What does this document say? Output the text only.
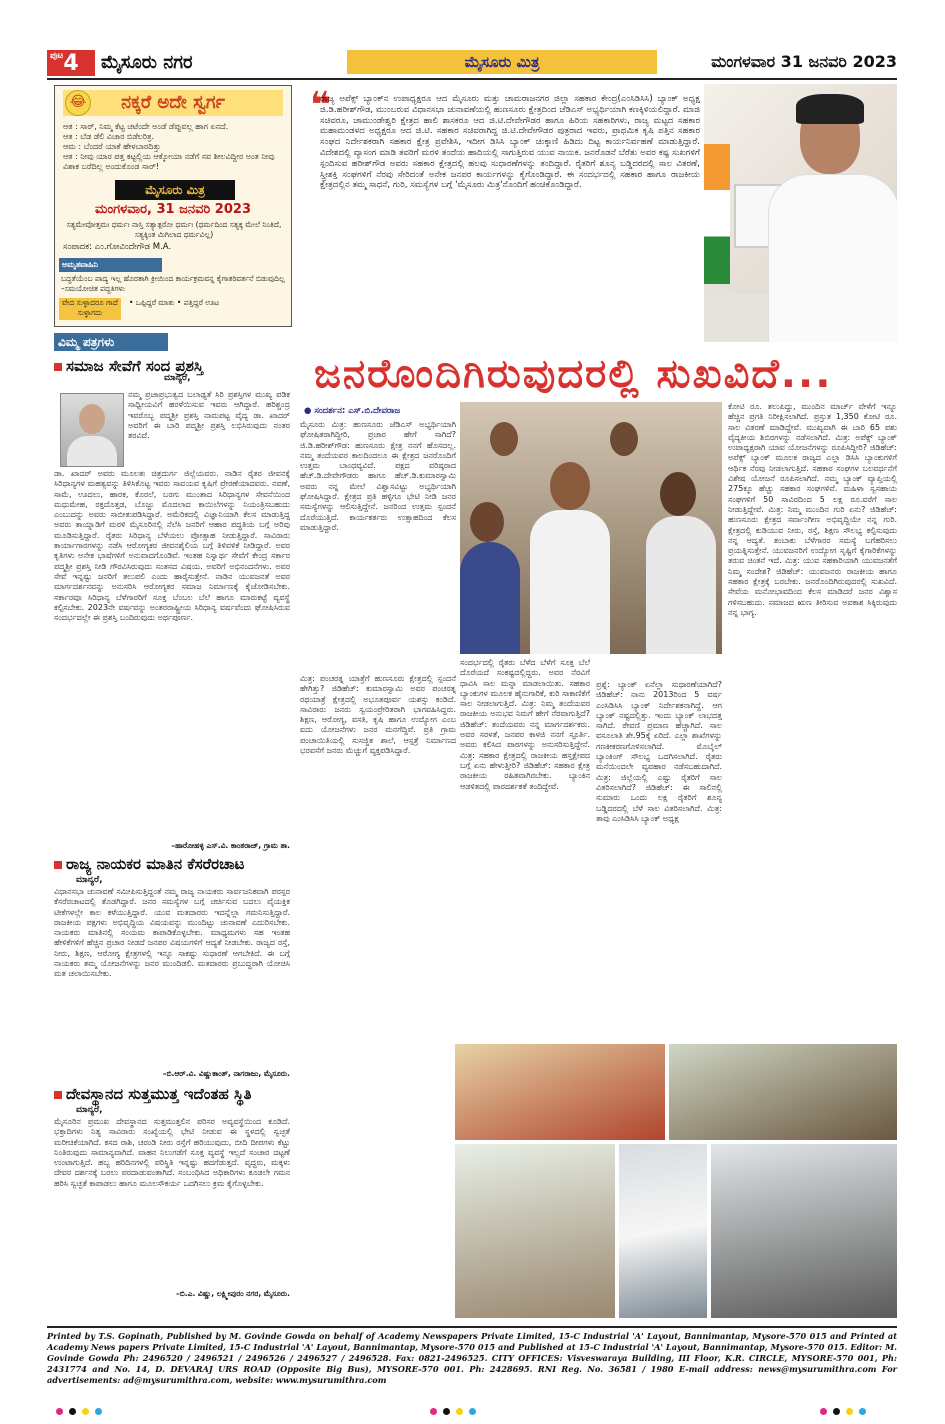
ಪುಟ 4 ಮೈಸೂರು ನಗರ	ಮೈಸೂರು ಮಿತ್ರ	ಮಂಗಳವಾರ 31 ಜನವರಿ 2023
😂 ನಕ್ಕರೆ ಅದೇ ಸ್ವರ್ಗ
ಆತ : ಸಾರ್, ನಿಮ್ಮ ಕೆಟ್ಟ ಚಟೆಂದೇ ಅಂಡೆ ಡೆಪ್ಪುವಲ್ಲ ಹಾಗ ಏನದೆ.
ಆತ : ಬೆಡ ಡೆಲಿ ವಿಚಾರ ಬಿಡೆಲರಿತ್ರ.
ಆಮ : ಬೆಂದರೆ ಯಾಕೆ ಹೇಳಬಾರದಿತ್ತು
ಆತ : ನೀವು ಯಾರ ಪತ್ತ ಕಟ್ಟಲ್ಲಿಯ ಆಕ್ಕೋಯಾ ನಡೆಗೆ ಸವ ಶೀಲವಿದ್ದೀರ ಅಂತ ನೀವು ವಿಶಾಕ ಬರೆದಿಲ್ಲ ಅಂದುಕೊಂಡ ಸಾರ್!
ಮೈಸೂರು ಮಿತ್ರ
ಮಂಗಳವಾರ, 31 ಜನವರಿ 2023
ಸತ್ಯಮೇವೋತ್ತಮಃ ಧರ್ಮಃ ನಾಸ್ತಿ ಸತ್ಯಾತ್ಪರೋ ಧರ್ಮಃ (ಧರ್ಮದಿಂದ ಸತ್ಯಕ್ಕ ಮೇಲೆ ನಿಂತಿದೆ, ಸತ್ಯಕ್ಕಿಂತ ಮಿಗಿಲಾದ ಧರ್ಮವಿಲ್ಲ)
ಸಂಪಾದಕ: ಎಂ.ಗೋವಿಂದೇಗೌಡ M.A.
ಅಮೃತವಾಹಿನಿ
ಬದ್ಧತೆಯೆಂಬ ಪಾದ್ಯ ಇಲ್ಲ ಹೊರತಾಗಿ ಕ್ರೀಯಿಂದ ಕಾರ್ಯಕ್ರಮವನ್ನ ಕೈಗಾತರಿವರ್ತನೆ ಬಿಡುವುದಿಲ್ಲ –ಸಮಯೋಚಿತ ಪದ್ಧತಿಗಳು
ವೇದ ಸುಳ್ಳಾದರೂ ಗಾದೆ ಸುಳ್ಳಾಗದು
• ಒಪ್ಪಿದ್ದರೆ ಮಾತು • ಪತ್ತಿದ್ದರೆ ಊಟ
ವಿಮ್ಮ ಪತ್ರಗಳು
ಸಮಾಜ ಸೇವೆಗೆ ಸಂದ ಪ್ರಶಸ್ತಿ
ಮಾನ್ಯರೆ,
ನಮ್ಮ ಪ್ರಜಾಪ್ರಭುತ್ವದ ಬಲಾಢ್ಯತೆ ಸಿರಿ ಪ್ರಶಸ್ತಿಗಳ ಮುಖ್ಯ ಪಡಿಕ ಸಾಧ್ವೀಯವಿಗೆ ಹರಳೆಯಿಸುವ ಇವರು ಆಗಿದ್ದಾರೆ. ಹರಿಶ್ಚಂದ್ರ ಇವರೊಬ್ಬ ಪದ್ಮಶ್ರೀ ಪ್ರಶಸ್ತಿ ನಾಮಪಟ್ಟ ವೈದ್ಯ ಡಾ. ಖಾದರ್ ಅವರಿಗೆ ಈ ಬಾರಿ ಪದ್ಮಶ್ರೀ ಪ್ರಶಸ್ತಿ ಲಭಿಸಿರುವುದು ನಂತರ ತರವಿದೆ.
ಡಾ. ಖಾದರ್ ಅವರು ಮೂಲತಃ ಚಿತ್ರದುರ್ಗ ಜಿಲ್ಲೆಯವರು. ನಾಡಿನ ರೈತರ ಜೀವನಕ್ಕೆ ಸಿರಿಧಾನ್ಯಗಳ ಮಹತ್ವವನ್ನು ತಿಳಿಸಿಕೊಟ್ಟ ಇವರು ಸಾವಯವ ಕೃಷಿಗೆ ಪ್ರೇರಣೆಯಾದವರು. ನವಣೆ, ಸಾಮೆ, ಊದಲು, ಹಾರಕ, ಕೊರಲೆ, ಬರಗು ಮುಂತಾದ ಸಿರಿಧಾನ್ಯಗಳ ಸೇವನೆಯಿಂದ ಮಧುಮೇಹ, ರಕ್ತದೊತ್ತಡ, ಬೊಜ್ಜು ಮೊದಲಾದ ಕಾಯಿಲೆಗಳನ್ನು ನಿಯಂತ್ರಿಸಬಹುದು ಎಂಬುದನ್ನು ಅವರು ಸಾಬೀತುಪಡಿಸಿದ್ದಾರೆ. ಅಮೆರಿಕದಲ್ಲಿ ವಿಜ್ಞಾನಿಯಾಗಿ ಕೆಲಸ ಮಾಡುತ್ತಿದ್ದ ಅವರು ತಾಯ್ನಾಡಿಗೆ ಮರಳಿ ಮೈಸೂರಿನಲ್ಲಿ ನೆಲೆಸಿ ಜನರಿಗೆ ಆಹಾರ ಪದ್ಧತಿಯ ಬಗ್ಗೆ ಅರಿವು ಮೂಡಿಸುತ್ತಿದ್ದಾರೆ. ರೈತರು ಸಿರಿಧಾನ್ಯ ಬೆಳೆಯಲು ಪ್ರೋತ್ಸಾಹ ನೀಡುತ್ತಿದ್ದಾರೆ. ಸಾವಿರಾರು ಕಾರ್ಯಾಗಾರಗಳನ್ನು ನಡೆಸಿ ಆರೋಗ್ಯಕರ ಜೀವನಶೈಲಿಯ ಬಗ್ಗೆ ತಿಳಿವಳಿಕೆ ನೀಡಿದ್ದಾರೆ. ಅವರ ಕೃತಿಗಳು ಅನೇಕ ಭಾಷೆಗಳಿಗೆ ಅನುವಾದಗೊಂಡಿವೆ. ಇಂತಹ ನಿಸ್ವಾರ್ಥ ಸೇವೆಗೆ ಕೇಂದ್ರ ಸರ್ಕಾರ ಪದ್ಮಶ್ರೀ ಪ್ರಶಸ್ತಿ ನೀಡಿ ಗೌರವಿಸಿರುವುದು ಸಂತಸದ ವಿಷಯ. ಅವರಿಗೆ ಅಭಿನಂದನೆಗಳು. ಅವರ ಸೇವೆ ಇನ್ನಷ್ಟು ಜನರಿಗೆ ತಲುಪಲಿ ಎಂದು ಹಾರೈಸುತ್ತೇನೆ. ನಾಡಿನ ಯುವಜನತೆ ಅವರ ಮಾರ್ಗದರ್ಶನವನ್ನು ಅನುಸರಿಸಿ ಆರೋಗ್ಯಕರ ಸಮಾಜ ನಿರ್ಮಾಣಕ್ಕೆ ಕೈಜೋಡಿಸಬೇಕು. ಸರ್ಕಾರವೂ ಸಿರಿಧಾನ್ಯ ಬೆಳೆಗಾರರಿಗೆ ಸೂಕ್ತ ಬೆಂಬಲ ಬೆಲೆ ಹಾಗೂ ಮಾರುಕಟ್ಟೆ ವ್ಯವಸ್ಥೆ ಕಲ್ಪಿಸಬೇಕು. 2023ನೇ ವರ್ಷವನ್ನು ಅಂತರರಾಷ್ಟ್ರೀಯ ಸಿರಿಧಾನ್ಯ ವರ್ಷವೆಂದು ಘೋಷಿಸಿರುವ ಸಂದರ್ಭದಲ್ಲೇ ಈ ಪ್ರಶಸ್ತಿ ಬಂದಿರುವುದು ಅರ್ಥಪೂರ್ಣ.
–ಹಾರೋಹಳ್ಳಿ ಎಸ್.ವಿ. ಕಾಂತರಾಜ್, ಗ್ರಾಮ ತಾ.
ರಾಜ್ಯ ನಾಯಕರ ಮಾತಿನ ಕೆಸರೆರಚಾಟ
ಮಾನ್ಯರೆ,
ವಿಧಾನಸಭಾ ಚುನಾವಣೆ ಸಮೀಪಿಸುತ್ತಿದ್ದಂತೆ ನಮ್ಮ ರಾಜ್ಯ ನಾಯಕರು ಸಾರ್ವಜನಿಕವಾಗಿ ಪರಸ್ಪರ ಕೆಸರೆರಚಾಟದಲ್ಲಿ ತೊಡಗಿದ್ದಾರೆ. ಜನರ ಸಮಸ್ಯೆಗಳ ಬಗ್ಗೆ ಚರ್ಚಿಸುವ ಬದಲು ವೈಯಕ್ತಿಕ ಟೀಕೆಗಳಲ್ಲೇ ಕಾಲ ಕಳೆಯುತ್ತಿದ್ದಾರೆ. ಯುವ ಮತದಾರರು ಇದನ್ನೆಲ್ಲಾ ಗಮನಿಸುತ್ತಿದ್ದಾರೆ. ರಾಜಕೀಯ ಪಕ್ಷಗಳು ಅಭಿವೃದ್ಧಿಯ ವಿಷಯವನ್ನು ಮುಂದಿಟ್ಟು ಚುನಾವಣೆ ಎದುರಿಸಬೇಕು. ನಾಯಕರು ಮಾತಿನಲ್ಲಿ ಸಂಯಮ ಕಾಪಾಡಿಕೊಳ್ಳಬೇಕು. ಮಾಧ್ಯಮಗಳು ಸಹ ಇಂತಹ ಹೇಳಿಕೆಗಳಿಗೆ ಹೆಚ್ಚಿನ ಪ್ರಚಾರ ನೀಡದೆ ಜನಪರ ವಿಷಯಗಳಿಗೆ ಆದ್ಯತೆ ನೀಡಬೇಕು. ರಾಜ್ಯದ ರಸ್ತೆ, ನೀರು, ಶಿಕ್ಷಣ, ಆರೋಗ್ಯ ಕ್ಷೇತ್ರಗಳಲ್ಲಿ ಇನ್ನೂ ಸಾಕಷ್ಟು ಸುಧಾರಣೆ ಆಗಬೇಕಿದೆ. ಈ ಬಗ್ಗೆ ನಾಯಕರು ತಮ್ಮ ಯೋಜನೆಗಳನ್ನು ಜನರ ಮುಂದಿಡಲಿ. ಮತದಾರರು ಪ್ರಬುದ್ಧರಾಗಿ ಯೋಚಿಸಿ ಮತ ಚಲಾಯಿಸಬೇಕು.
–ಬಿ.ಆರ್.ವಿ. ವಿಷ್ಣುಕಾಂತ್, ನಾಗರಾಜು, ಮೈಸೂರು.
ದೇವಸ್ಥಾನದ ಸುತ್ತಮುತ್ತ ಇದೆಂತಹ ಸ್ಥಿತಿ
ಮಾನ್ಯರೆ,
ಮೈಸೂರಿನ ಪ್ರಮುಖ ದೇವಸ್ಥಾನದ ಸುತ್ತಮುತ್ತಲಿನ ಪರಿಸರ ಅವ್ಯವಸ್ಥೆಯಿಂದ ಕೂಡಿದೆ. ಭಕ್ತಾದಿಗಳು ನಿತ್ಯ ಸಾವಿರಾರು ಸಂಖ್ಯೆಯಲ್ಲಿ ಭೇಟಿ ನೀಡುವ ಈ ಸ್ಥಳದಲ್ಲಿ ಸ್ವಚ್ಛತೆ ಮರೀಚಿಕೆಯಾಗಿದೆ. ಕಸದ ರಾಶಿ, ಚರಂಡಿ ನೀರು ರಸ್ತೆಗೆ ಹರಿಯುವುದು, ಬೀದಿ ದೀಪಗಳು ಕೆಟ್ಟು ನಿಂತಿರುವುದು ಸಾಮಾನ್ಯವಾಗಿದೆ. ವಾಹನ ನಿಲುಗಡೆಗೆ ಸೂಕ್ತ ವ್ಯವಸ್ಥೆ ಇಲ್ಲದೆ ಸಂಚಾರ ದಟ್ಟಣೆ ಉಂಟಾಗುತ್ತಿದೆ. ಹಬ್ಬ ಹರಿದಿನಗಳಲ್ಲಿ ಪರಿಸ್ಥಿತಿ ಇನ್ನಷ್ಟು ಹದಗೆಡುತ್ತದೆ. ವೃದ್ಧರು, ಮಕ್ಕಳು ದೇವರ ದರ್ಶನಕ್ಕೆ ಬರಲು ಪರದಾಡುವಂತಾಗಿದೆ. ಸಂಬಂಧಿಸಿದ ಅಧಿಕಾರಿಗಳು ಕೂಡಲೇ ಗಮನ ಹರಿಸಿ ಸ್ವಚ್ಛತೆ ಕಾಪಾಡಲು ಹಾಗೂ ಮೂಲಸೌಕರ್ಯ ಒದಗಿಸಲು ಕ್ರಮ ಕೈಗೊಳ್ಳಬೇಕು.
–ಬಿ.ಎ. ವಿಷ್ಣು, ಲಕ್ಷ್ಮೀಪುರಂ ನಗರ, ಮೈಸೂರು.
❝
ರಾಜ್ಯ ಅಪೆಕ್ಸ್ ಬ್ಯಾಂಕ್‌ನ ಉಪಾಧ್ಯಕ್ಷರೂ ಆದ ಮೈಸೂರು ಮತ್ತು ಚಾಮರಾಜನಗರ ಜಿಲ್ಲಾ ಸಹಕಾರ ಕೇಂದ್ರ(ಎಂಸಿಡಿಸಿಸಿ) ಬ್ಯಾಂಕ್ ಅಧ್ಯಕ್ಷ ಜಿ.ಡಿ.ಹರೀಶ್‌ಗೌಡ, ಮುಂಬರುವ ವಿಧಾನಸಭಾ ಚುನಾವಣೆಯಲ್ಲಿ ಹುಣಸೂರು ಕ್ಷೇತ್ರದಿಂದ ಜೆಡಿಎಸ್ ಅಭ್ಯರ್ಥಿಯಾಗಿ ಕಣಕ್ಕಿಳಿಯಲಿದ್ದಾರೆ. ಮಾಜಿ ಸಚಿವರೂ, ಚಾಮುಂಡೇಶ್ವರಿ ಕ್ಷೇತ್ರದ ಹಾಲಿ ಶಾಸಕರೂ ಆದ ಜಿ.ಟಿ.ದೇವೇಗೌಡರ ಹಾಗೂ ಹಿರಿಯ ಸಹಕಾರಿಗಳು, ರಾಜ್ಯ ಮಟ್ಟದ ಸಹಕಾರ ಮಹಾಮಂಡಳದ ಅಧ್ಯಕ್ಷರೂ ಆದ ಜಿ.ಟಿ. ಸಹಕಾರ ಸಚಿವರಾಗಿದ್ದ ಜಿ.ಟಿ.ದೇವೇಗೌಡರ ಪುತ್ರರಾದ ಇವರು, ಪ್ರಾಥಮಿಕ ಕೃಷಿ ಪತ್ತಿನ ಸಹಕಾರ ಸಂಘದ ನಿರ್ದೇಶಕರಾಗಿ ಸಹಕಾರ ಕ್ಷೇತ್ರ ಪ್ರವೇಶಿಸಿ, ಇದೀಗ ಡಿಸಿಸಿ ಬ್ಯಾಂಕ್ ಚುಕ್ಕಾಣಿ ಹಿಡಿದು ದಿಟ್ಟ ಕಾರ್ಯನಿರ್ವಹಣೆ ಮಾಡುತ್ತಿದ್ದಾರೆ. ವಿದೇಶದಲ್ಲಿ ವ್ಯಾಸಂಗ ಮಾಡಿ ತವರಿಗೆ ಮರಳಿ ತಂದೆಯ ಹಾದಿಯಲ್ಲಿ ಸಾಗುತ್ತಿರುವ ಯುವ ನಾಯಕ. ಜನರೊಡನೆ ಬೆರೆತು ಅವರ ಕಷ್ಟ ಸುಖಗಳಿಗೆ ಸ್ಪಂದಿಸುವ ಹರೀಶ್‌ಗೌಡ ಅವರು ಸಹಕಾರ ಕ್ಷೇತ್ರದಲ್ಲಿ ಹಲವು ಸುಧಾರಣೆಗಳನ್ನು ತಂದಿದ್ದಾರೆ. ರೈತರಿಗೆ ಶೂನ್ಯ ಬಡ್ಡಿದರದಲ್ಲಿ ಸಾಲ ವಿತರಣೆ, ಸ್ತ್ರೀಶಕ್ತಿ ಸಂಘಗಳಿಗೆ ನೆರವು ಸೇರಿದಂತೆ ಅನೇಕ ಜನಪರ ಕಾರ್ಯಗಳನ್ನು ಕೈಗೊಂಡಿದ್ದಾರೆ. ಈ ಸಂದರ್ಭದಲ್ಲಿ ಸಹಕಾರ ಹಾಗೂ ರಾಜಕೀಯ ಕ್ಷೇತ್ರದಲ್ಲಿನ ತಮ್ಮ ಸಾಧನೆ, ಗುರಿ, ಸಮಸ್ಯೆಗಳ ಬಗ್ಗೆ 'ಮೈಸೂರು ಮಿತ್ರ'ನೊಂದಿಗೆ ಹಂಚಿಕೊಂಡಿದ್ದಾರೆ.
ಜನರೊಂದಿಗಿರುವುದರಲ್ಲಿ ಸುಖವಿದೆ...
● ಸಂದರ್ಶನ: ಎಸ್.ಬಿ.ದೇವರಾಜ
ಮೈಸೂರು ಮಿತ್ರ: ಹುಣಸೂರು ಜೆಡಿಎಸ್ ಅಭ್ಯರ್ಥಿಯಾಗಿ ಘೋಷಿತರಾಗಿದ್ದೀರಿ, ಪ್ರಚಾರ ಹೇಗೆ ಸಾಗಿದೆ? ಜಿ.ಡಿ.ಹರೀಶ್‌ಗೌಡ: ಹುಣಸೂರು ಕ್ಷೇತ್ರ ನನಗೆ ಹೊಸದಲ್ಲ. ನಮ್ಮ ತಂದೆಯವರ ಕಾಲದಿಂದಲೂ ಈ ಕ್ಷೇತ್ರದ ಜನರೊಂದಿಗೆ ಉತ್ತಮ ಬಾಂಧವ್ಯವಿದೆ. ಪಕ್ಷದ ವರಿಷ್ಠರಾದ ಹೆಚ್.ಡಿ.ದೇವೇಗೌಡರು ಹಾಗೂ ಹೆಚ್.ಡಿ.ಕುಮಾರಸ್ವಾಮಿ ಅವರು ನನ್ನ ಮೇಲೆ ವಿಶ್ವಾಸವಿಟ್ಟು ಅಭ್ಯರ್ಥಿಯಾಗಿ ಘೋಷಿಸಿದ್ದಾರೆ. ಕ್ಷೇತ್ರದ ಪ್ರತಿ ಹಳ್ಳಿಗೂ ಭೇಟಿ ನೀಡಿ ಜನರ ಸಮಸ್ಯೆಗಳನ್ನು ಆಲಿಸುತ್ತಿದ್ದೇನೆ. ಜನರಿಂದ ಉತ್ತಮ ಸ್ಪಂದನೆ ದೊರೆಯುತ್ತಿದೆ. ಕಾರ್ಯಕರ್ತರು ಉತ್ಸಾಹದಿಂದ ಕೆಲಸ ಮಾಡುತ್ತಿದ್ದಾರೆ.
ಕೋಟಿ ರೂ. ತಲುಪಿದ್ದು, ಮುಂದಿನ ಮಾರ್ಚ್ ವೇಳೆಗೆ ಇನ್ನೂ ಹೆಚ್ಚಿನ ಪ್ರಗತಿ ನಿರೀಕ್ಷಿಸಲಾಗಿದೆ. ಪ್ರಸ್ತುತ 1,350 ಕೋಟಿ ರೂ. ಸಾಲ ವಿತರಣೆ ಮಾಡಿದ್ದೇವೆ. ಮುಖ್ಯವಾಗಿ ಈ ಬಾರಿ 65 ಪಶು ವೈದ್ಯಕೀಯ ಶಿಬಿರಗಳನ್ನು ನಡೆಸಲಾಗಿದೆ. ಮಿತ್ರ: ಅಪೆಕ್ಸ್ ಬ್ಯಾಂಕ್ ಉಪಾಧ್ಯಕ್ಷರಾಗಿ ಯಾವ ಯೋಜನೆಗಳನ್ನು ರೂಪಿಸಿದ್ದೀರಿ? ಜಿಡಿಹೆಚ್: ಅಪೆಕ್ಸ್ ಬ್ಯಾಂಕ್ ಮೂಲಕ ರಾಜ್ಯದ ಎಲ್ಲಾ ಡಿಸಿಸಿ ಬ್ಯಾಂಕುಗಳಿಗೆ ಆರ್ಥಿಕ ನೆರವು ನೀಡಲಾಗುತ್ತಿದೆ. ಸಹಕಾರ ಸಂಘಗಳ ಬಲವರ್ಧನೆಗೆ ವಿಶೇಷ ಯೋಜನೆ ರೂಪಿಸಲಾಗಿದೆ. ನಮ್ಮ ಬ್ಯಾಂಕ್ ವ್ಯಾಪ್ತಿಯಲ್ಲಿ 275ಕ್ಕೂ ಹೆಚ್ಚು ಸಹಕಾರ ಸಂಘಗಳಿವೆ. ಮಹಿಳಾ ಸ್ವಸಹಾಯ ಸಂಘಗಳಿಗೆ 50 ಸಾವಿರದಿಂದ 5 ಲಕ್ಷ ರೂ.ವರೆಗೆ ಸಾಲ ನೀಡುತ್ತಿದ್ದೇವೆ. ಮಿತ್ರ: ನಿಮ್ಮ ಮುಂದಿನ ಗುರಿ ಏನು? ಜಿಡಿಹೆಚ್: ಹುಣಸೂರು ಕ್ಷೇತ್ರದ ಸರ್ವಾಂಗೀಣ ಅಭಿವೃದ್ಧಿಯೇ ನನ್ನ ಗುರಿ. ಕ್ಷೇತ್ರದಲ್ಲಿ ಕುಡಿಯುವ ನೀರು, ರಸ್ತೆ, ಶಿಕ್ಷಣ ಸೌಲಭ್ಯ ಕಲ್ಪಿಸುವುದು ನನ್ನ ಆದ್ಯತೆ. ತಂಬಾಕು ಬೆಳೆಗಾರರ ಸಮಸ್ಯೆ ಬಗೆಹರಿಸಲು ಪ್ರಯತ್ನಿಸುತ್ತೇನೆ. ಯುವಜನರಿಗೆ ಉದ್ಯೋಗ ಸೃಷ್ಟಿಗೆ ಕೈಗಾರಿಕೆಗಳನ್ನು ತರುವ ಚಿಂತನೆ ಇದೆ. ಮಿತ್ರ: ಯುವ ಸಹಕಾರಿಯಾಗಿ ಯುವಜನತೆಗೆ ನಿಮ್ಮ ಸಂದೇಶ? ಜಿಡಿಹೆಚ್: ಯುವಜನರು ರಾಜಕೀಯ ಹಾಗೂ ಸಹಕಾರ ಕ್ಷೇತ್ರಕ್ಕೆ ಬರಬೇಕು. ಜನರೊಂದಿಗಿರುವುದರಲ್ಲಿ ಸುಖವಿದೆ. ಸೇವೆಯ ಮನೋಭಾವದಿಂದ ಕೆಲಸ ಮಾಡಿದರೆ ಜನರ ವಿಶ್ವಾಸ ಗಳಿಸಬಹುದು. ಸಮಾಜದ ಋಣ ತೀರಿಸುವ ಅವಕಾಶ ಸಿಕ್ಕಿರುವುದು ನನ್ನ ಭಾಗ್ಯ.
ಮಿತ್ರ: ಪಂಚರತ್ನ ಯಾತ್ರೆಗೆ ಹುಣಸೂರು ಕ್ಷೇತ್ರದಲ್ಲಿ ಸ್ಪಂದನೆ ಹೇಗಿತ್ತು? ಜಿಡಿಹೆಚ್: ಕುಮಾರಸ್ವಾಮಿ ಅವರ ಪಂಚರತ್ನ ರಥಯಾತ್ರೆ ಕ್ಷೇತ್ರದಲ್ಲಿ ಅಭೂತಪೂರ್ವ ಯಶಸ್ಸು ಕಂಡಿದೆ. ಸಾವಿರಾರು ಜನರು ಸ್ವಯಂಪ್ರೇರಿತರಾಗಿ ಭಾಗವಹಿಸಿದ್ದರು. ಶಿಕ್ಷಣ, ಆರೋಗ್ಯ, ವಸತಿ, ಕೃಷಿ ಹಾಗೂ ಉದ್ಯೋಗ ಎಂಬ ಐದು ಯೋಜನೆಗಳು ಜನರ ಮನಗೆದ್ದಿವೆ. ಪ್ರತಿ ಗ್ರಾಮ ಪಂಚಾಯಿತಿಯಲ್ಲಿ ಸುಸಜ್ಜಿತ ಶಾಲೆ, ಆಸ್ಪತ್ರೆ ನಿರ್ಮಾಣದ ಭರವಸೆಗೆ ಜನರು ಮೆಚ್ಚುಗೆ ವ್ಯಕ್ತಪಡಿಸಿದ್ದಾರೆ.
ಸಂದರ್ಭದಲ್ಲಿ ರೈತರು ಬೆಳೆದ ಬೆಳೆಗೆ ಸೂಕ್ತ ಬೆಲೆ ದೊರೆಯದೆ ಸಂಕಷ್ಟದಲ್ಲಿದ್ದರು. ಅವರ ನೆರವಿಗೆ ಧಾವಿಸಿ ಸಾಲ ಮನ್ನಾ ಮಾಡಲಾಯಿತು. ಸಹಕಾರ ಬ್ಯಾಂಕುಗಳ ಮೂಲಕ ಹೈನುಗಾರಿಕೆ, ಕುರಿ ಸಾಕಾಣಿಕೆಗೆ ಸಾಲ ನೀಡಲಾಗುತ್ತಿದೆ. ಮಿತ್ರ: ನಿಮ್ಮ ತಂದೆಯವರ ರಾಜಕೀಯ ಅನುಭವ ನಿಮಗೆ ಹೇಗೆ ನೆರವಾಗುತ್ತಿದೆ? ಜಿಡಿಹೆಚ್: ತಂದೆಯವರು ನನ್ನ ಮಾರ್ಗದರ್ಶಕರು. ಅವರ ಸರಳತೆ, ಜನಪರ ಕಾಳಜಿ ನನಗೆ ಸ್ಫೂರ್ತಿ. ಅವರು ಕಲಿಸಿದ ಪಾಠಗಳನ್ನು ಅನುಸರಿಸುತ್ತಿದ್ದೇನೆ. ಮಿತ್ರ: ಸಹಕಾರ ಕ್ಷೇತ್ರದಲ್ಲಿ ರಾಜಕೀಯ ಹಸ್ತಕ್ಷೇಪದ ಬಗ್ಗೆ ಏನು ಹೇಳುತ್ತೀರಿ? ಜಿಡಿಹೆಚ್: ಸಹಕಾರ ಕ್ಷೇತ್ರ ರಾಜಕೀಯ ರಹಿತವಾಗಿರಬೇಕು. ಬ್ಯಾಂಕಿನ ಆಡಳಿತದಲ್ಲಿ ಪಾರದರ್ಶಕತೆ ತಂದಿದ್ದೇವೆ.
ಪ್ರಶ್ನೆ: ಬ್ಯಾಂಕ್ ಏನೆಲ್ಲಾ ಸುಧಾರಣೆಯಾಗಿದೆ? ಜಿಡಿಹೆಚ್: ನಾನು 2013ರಿಂದ 5 ವರ್ಷ ಎಂಸಿಡಿಸಿಸಿ ಬ್ಯಾಂಕ್ ನಿರ್ದೇಶಕನಾಗಿದ್ದೆ. ಆಗ ಬ್ಯಾಂಕ್ ನಷ್ಟದಲ್ಲಿತ್ತು. ಇಂದು ಬ್ಯಾಂಕ್ ಲಾಭದತ್ತ ಸಾಗಿದೆ. ಠೇವಣಿ ಪ್ರಮಾಣ ಹೆಚ್ಚಾಗಿದೆ. ಸಾಲ ವಸೂಲಾತಿ ಶೇ.95ಕ್ಕೆ ಏರಿದೆ. ಎಲ್ಲಾ ಶಾಖೆಗಳನ್ನು ಗಣಕೀಕರಣಗೊಳಿಸಲಾಗಿದೆ. ಮೊಬೈಲ್ ಬ್ಯಾಂಕಿಂಗ್ ಸೌಲಭ್ಯ ಒದಗಿಸಲಾಗಿದೆ. ರೈತರು ಮನೆಯಿಂದಲೇ ವ್ಯವಹಾರ ನಡೆಸಬಹುದಾಗಿದೆ. ಮಿತ್ರ: ಜಿಲ್ಲೆಯಲ್ಲಿ ಎಷ್ಟು ರೈತರಿಗೆ ಸಾಲ ವಿತರಿಸಲಾಗಿದೆ? ಜಿಡಿಹೆಚ್: ಈ ಸಾಲಿನಲ್ಲಿ ಸುಮಾರು ಒಂದು ಲಕ್ಷ ರೈತರಿಗೆ ಶೂನ್ಯ ಬಡ್ಡಿದರದಲ್ಲಿ ಬೆಳೆ ಸಾಲ ವಿತರಿಸಲಾಗಿದೆ. ಮಿತ್ರ: ತಾವು ಎಂಸಿಡಿಸಿಸಿ ಬ್ಯಾಂಕ್ ಅಧ್ಯಕ್ಷ
Printed by T.S. Gopinath, Published by M. Govinde Gowda on behalf of Academy Newspapers Private Limited, 15-C Industrial 'A' Layout, Bannimantap, Mysore-570 015 and Printed at Academy News papers Private Limited, 15-C Industrial 'A' Layout, Bannimantap, Mysore-570 015 and Published at 15-C Industrial 'A' Layout, Bannimantap, Mysore-570 015. Editor: M. Govinde Gowda Ph: 2496520 / 2496521 / 2496526 / 2496527 / 2496528. Fax: 0821-2496525. CITY OFFICES: Visveswaraya Building, III Floor, K.R. CIRCLE, MYSORE-570 001, Ph: 2431774 and No. 14, D. DEVARAJ URS ROAD (Opposite Big Bus), MYSORE-570 001. Ph: 2428695. RNI Reg. No. 36581 / 1980 E-mail address: news@mysurumithra.com For advertisements: ad@mysurumithra.com, website: www.mysurumithra.com
